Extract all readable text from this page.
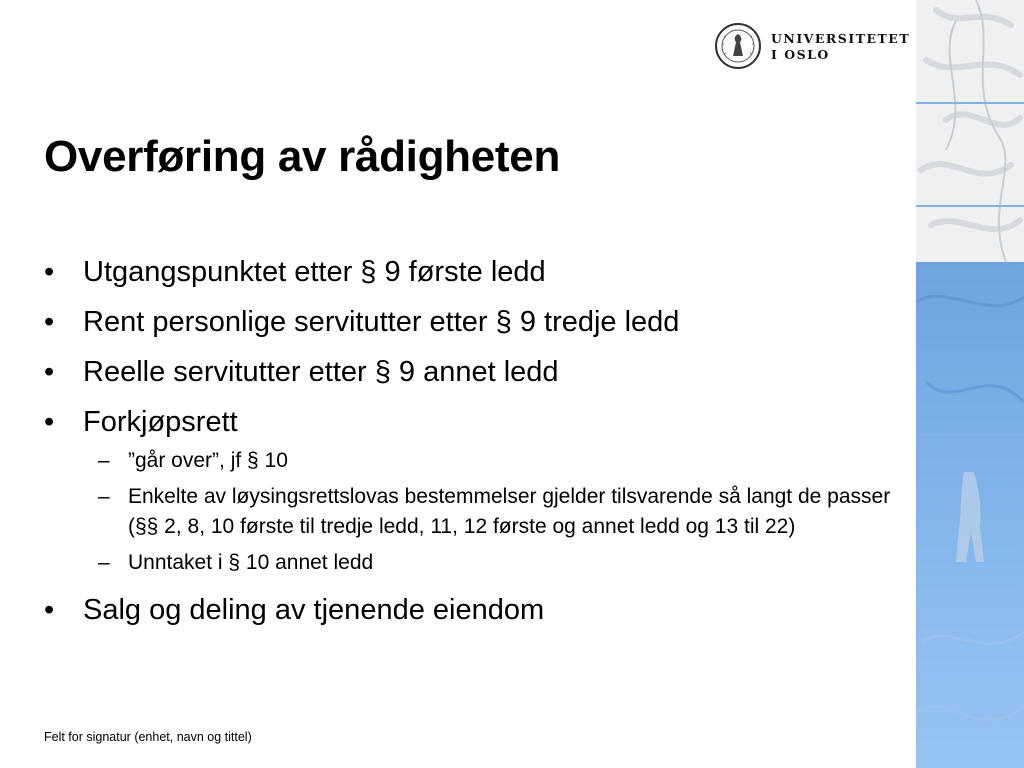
UNIVERSITETET
I OSLO
Overføring av rådigheten
• Utgangspunktet etter § 9 første ledd
• Rent personlige servitutter etter § 9 tredje ledd
• Reelle servitutter etter § 9 annet ledd
• Forkjøpsrett
– ”går over”, jf § 10
– Enkelte av løysingsrettslovas bestemmelser gjelder tilsvarende så langt de passer (§§ 2, 8, 10 første til tredje ledd, 11, 12 første og annet ledd og 13 til 22)
– Unntaket i § 10 annet ledd
• Salg og deling av tjenende eiendom
Felt for signatur (enhet, navn og tittel)
